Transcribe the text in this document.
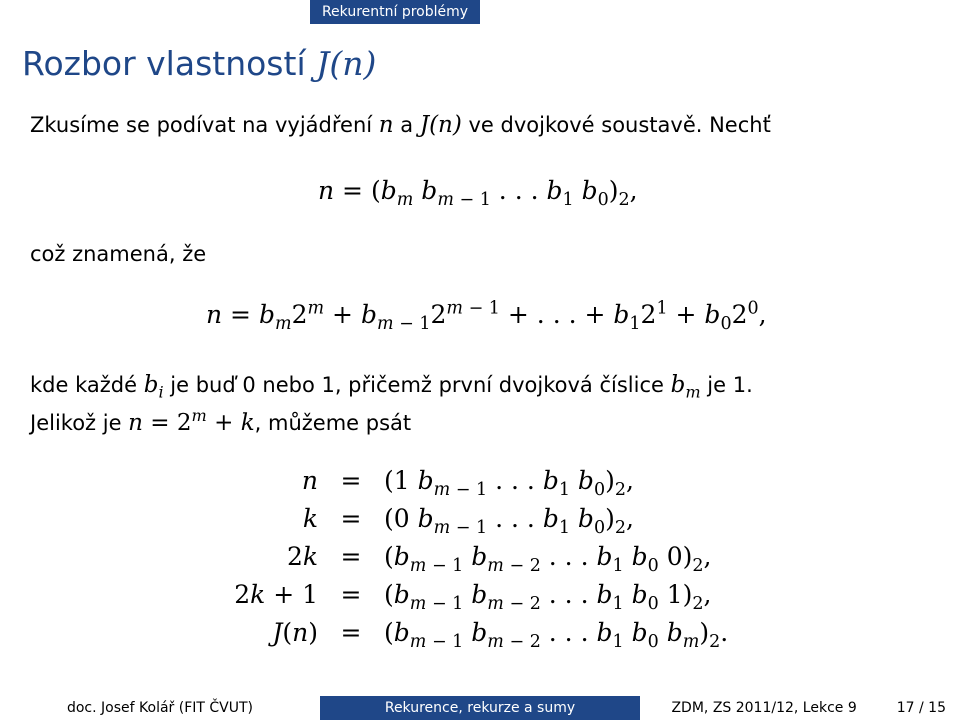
Rekurentní problémy
Rozbor vlastností J(n)
Zkusíme se podívat na vyjádření n a J(n) ve dvojkové soustavě. Nechť
$n = (b_m$ $b_{m - 1}$ . . . $b_1$ $b_0)_2$,
což znamená, že
$n = b_m2^m + b_{m - 1}2^{m - 1}$ + . . . + $b_12^1 + b_02^0$,
kde každé $b_i$ je buď 0 nebo 1, přičemž první dvojková číslice $b_m$ je 1.
Jelikož je $n = 2^m + k$, můžeme psát
n = (1 $b_{m - 1}$ . . . $b_1$ $b_0)_2$,
k = (0 $b_{m - 1}$ . . . $b_1$ $b_0)_2$,
$2k = (b_{m - 1}$ $b_{m - 2}$ . . . $b_1$ $b_0$ $0)_2$,
$2k + 1 = (b_{m - 1}$ $b_{m - 2}$ . . . $b_1$ $b_0$ $1)_2$,
$J(n) = (b_{m - 1}$ $b_{m - 2}$ . . . $b_1$ $b_0$ $b_m)_2$.
doc. Josef Kolář (FIT ČVUT)	Rekurence, rekurze a sumy	ZDM, ZS 2011/12, Lekce 9	17 / 15
